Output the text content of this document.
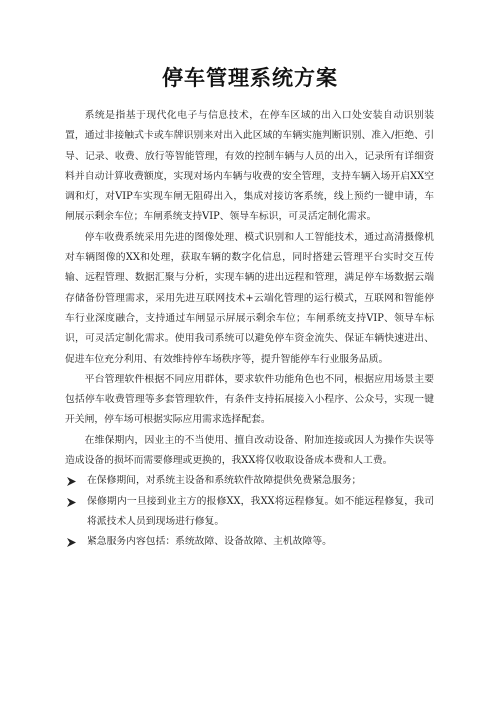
停车管理系统方案

系统是指基于现代化电子与信息技术，在停车区域的出入口处安装自动识别装置，通过非接触式卡或车牌识别来对出入此区域的车辆实施判断识别、准入/拒绝、引导、记录、收费、放行等智能管理，有效的控制车辆与人员的出入，记录所有详细资料并自动计算收费额度，实现对场内车辆与收费的安全管理，支持车辆入场开启XX空调和灯，对VIP车实现车闸无阻碍出入，集成对接访客系统，线上预约一键申请，车闸展示剩余车位；车闸系统支持VIP、领导车标识，可灵活定制化需求。

停车收费系统采用先进的图像处理、模式识别和人工智能技术，通过高清摄像机对车辆图像的XX和处理，获取车辆的数字化信息，同时搭建云管理平台实时交互传输、远程管理、数据汇聚与分析，实现车辆的进出远程和管理，满足停车场数据云端存储备份管理需求，采用先进互联网技术+云端化管理的运行模式，互联网和智能停车行业深度融合，支持通过车闸显示屏展示剩余车位；车闸系统支持VIP、领导车标识，可灵活定制化需求。使用我司系统可以避免停车资金流失、保证车辆快速进出、促进车位充分利用、有效维持停车场秩序等，提升智能停车行业服务品质。

平台管理软件根据不同应用群体，要求软件功能角色也不同，根据应用场景主要包括停车收费管理等多套管理软件，有条件支持拓展接入小程序、公众号，实现一键开关闸，停车场可根据实际应用需求选择配套。

在维保期内，因业主的不当使用、擅自改动设备、附加连接或因人为操作失误等造成设备的损坏而需要修理或更换的，我XX将仅收取设备成本费和人工费。

在保修期间，对系统主设备和系统软件故障提供免费紧急服务；
保修期内一旦接到业主方的报修XX，我XX将远程修复。如不能远程修复，我司将派技术人员到现场进行修复。
紧急服务内容包括：系统故障、设备故障、主机故障等。
